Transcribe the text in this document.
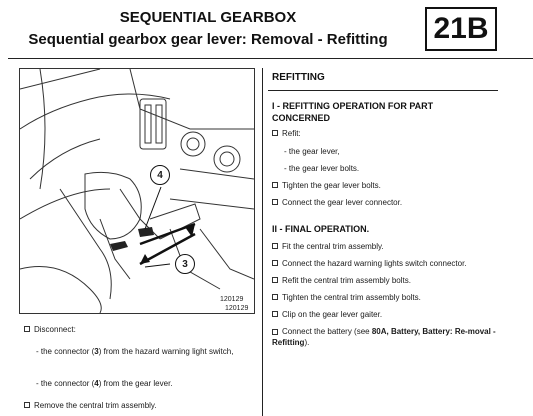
SEQUENTIAL GEARBOX
Sequential gearbox gear lever: Removal - Refitting	21B
4
3
120129
120129
Disconnect:
- the connector (3) from the hazard warning light switch,
- the connector (4) from the gear lever.
Remove the central trim assembly.
REFITTING
I - REFITTING OPERATION FOR PART CONCERNED
Refit:
- the gear lever,
- the gear lever bolts.
Tighten the gear lever bolts.
Connect the gear lever connector.
II - FINAL OPERATION.
Fit the central trim assembly.
Connect the hazard warning lights switch connector.
Refit the central trim assembly bolts.
Tighten the central trim assembly bolts.
Clip on the gear lever gaiter.
Connect the battery (see 80A, Battery, Battery: Re-moval - Refitting).
